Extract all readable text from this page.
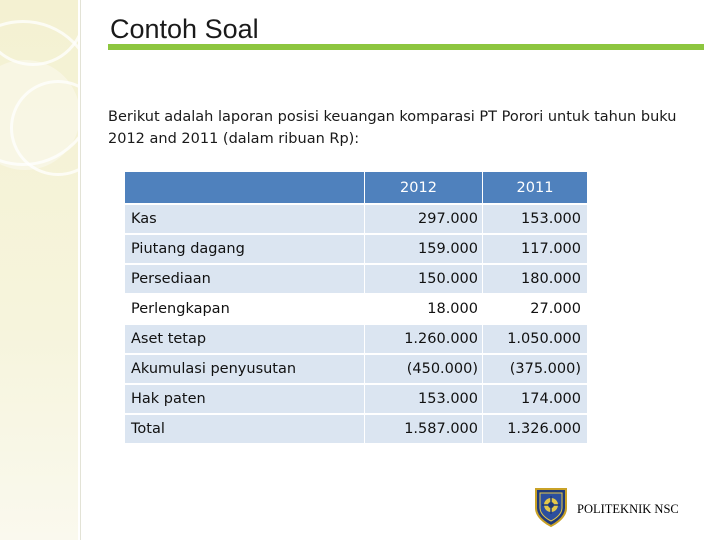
Contoh Soal

Berikut adalah laporan posisi keuangan komparasi PT Porori untuk tahun buku 2012 and 2011 (dalam ribuan Rp):

	2012	2011
Kas	297.000	153.000
Piutang dagang	159.000	117.000
Persediaan	150.000	180.000
Perlengkapan	18.000	27.000
Aset tetap	1.260.000	1.050.000
Akumulasi penyusutan	(450.000)	(375.000)
Hak paten	153.000	174.000
Total	1.587.000	1.326.000
POLITEKNIK NSC
